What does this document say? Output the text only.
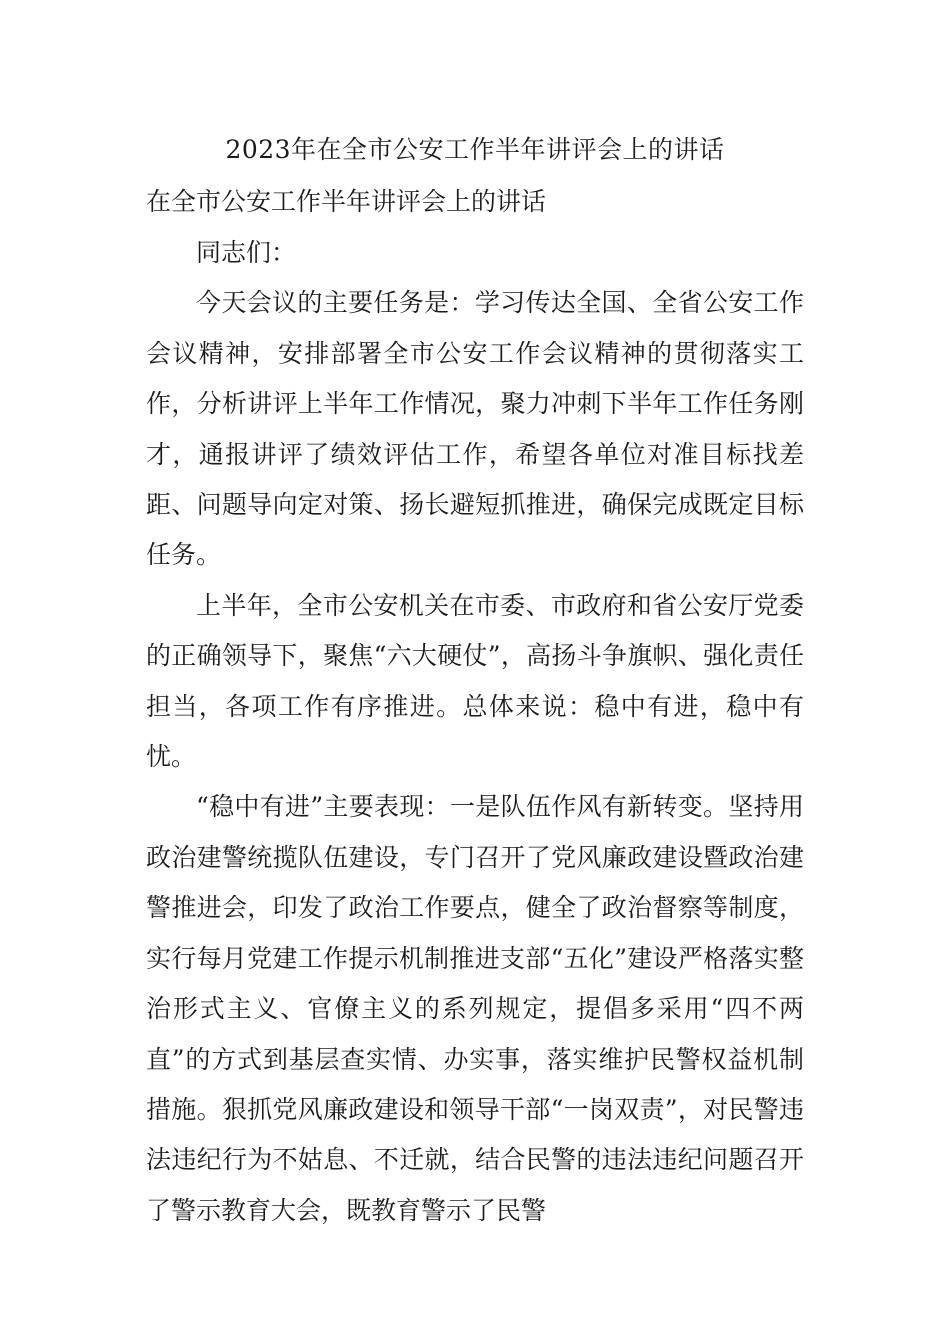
2023年在全市公安工作半年讲评会上的讲话
在全市公安工作半年讲评会上的讲话

同志们：

今天会议的主要任务是：学习传达全国、全省公安工作会议精神，安排部署全市公安工作会议精神的贯彻落实工作，分析讲评上半年工作情况，聚力冲刺下半年工作任务刚才，通报讲评了绩效评估工作，希望各单位对准目标找差距、问题导向定对策、扬长避短抓推进，确保完成既定目标任务。

上半年，全市公安机关在市委、市政府和省公安厅党委的正确领导下，聚焦“六大硬仗”，高扬斗争旗帜、强化责任担当，各项工作有序推进。总体来说：稳中有进，稳中有忧。

“稳中有进”主要表现：一是队伍作风有新转变。坚持用政治建警统揽队伍建设，专门召开了党风廉政建设暨政治建警推进会，印发了政治工作要点，健全了政治督察等制度，实行每月党建工作提示机制推进支部“五化”建设严格落实整治形式主义、官僚主义的系列规定，提倡多采用“四不两直”的方式到基层查实情、办实事，落实维护民警权益机制措施。狠抓党风廉政建设和领导干部“一岗双责”，对民警违法违纪行为不姑息、不迁就，结合民警的违法违纪问题召开了警示教育大会，既教育警示了民警
